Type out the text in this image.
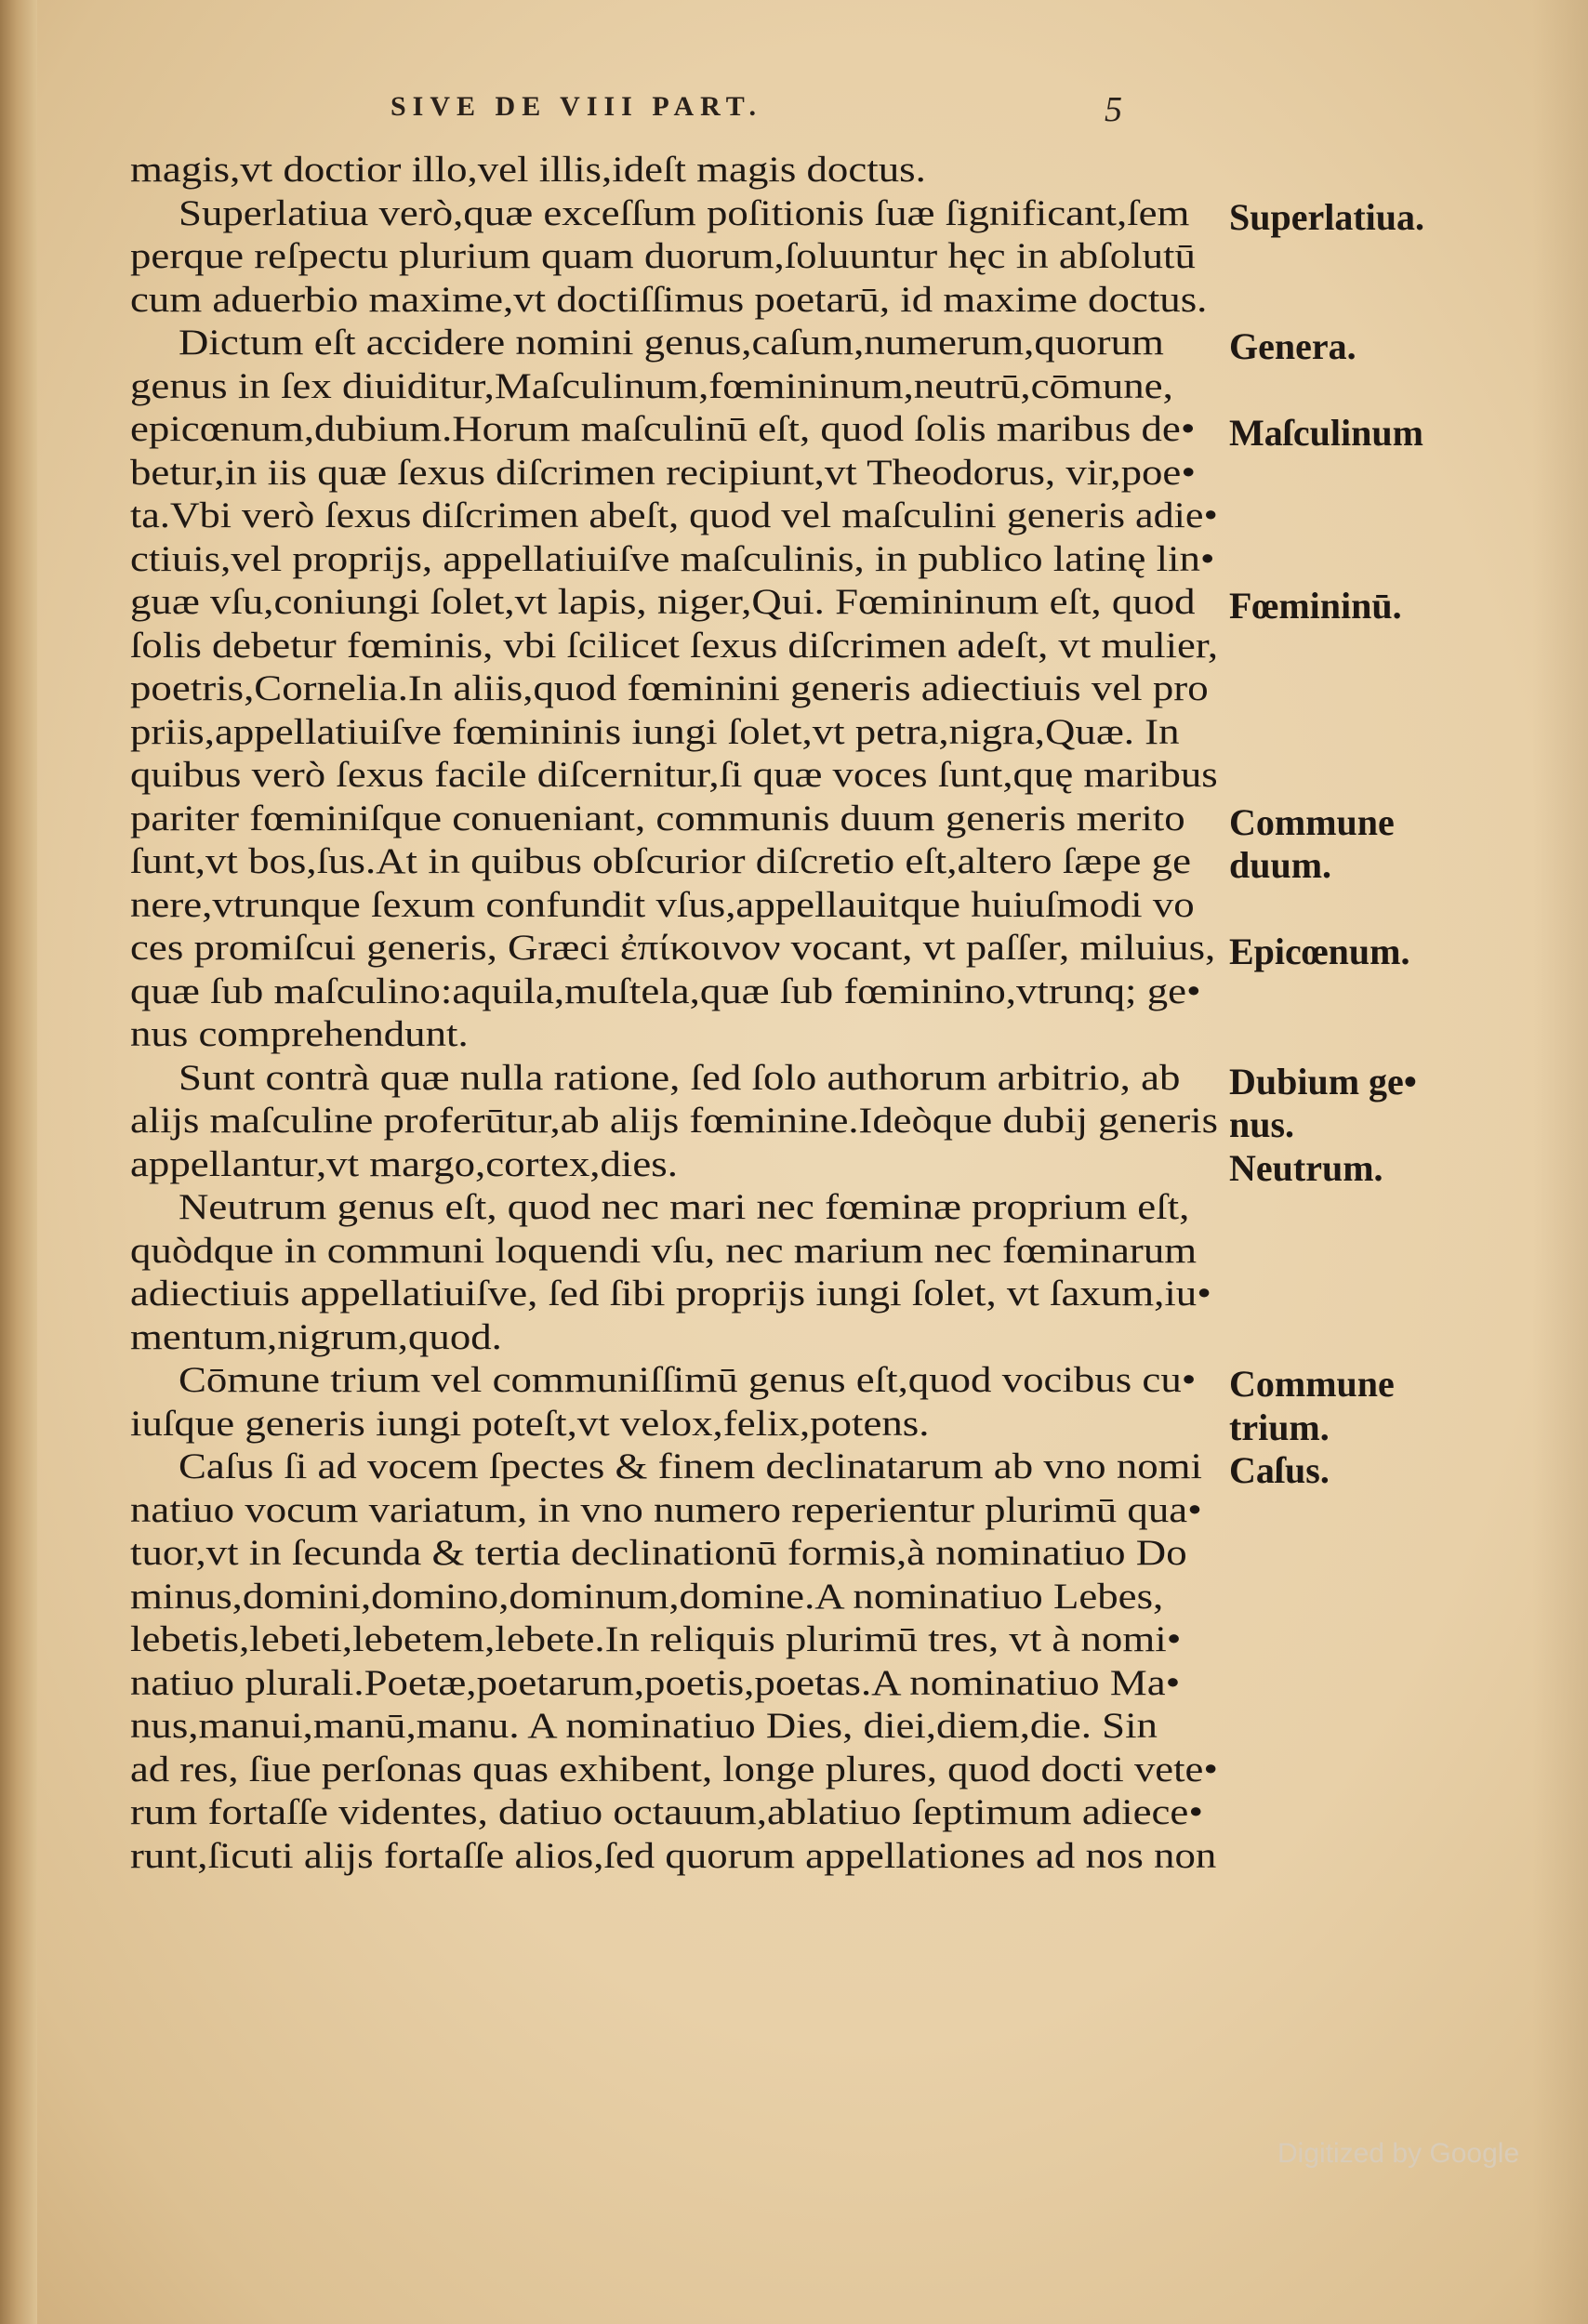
SIVE DE VIII PART.	5
magis,vt doctior illo,vel illis,ideſt magis doctus.
Superlatiua verò,quæ exceſſum poſitionis ſuæ ſignificant,ſem
perque reſpectu plurium quam duorum,ſoluuntur hęc in abſolutū
cum aduerbio maxime,vt doctiſſimus poetarū, id maxime doctus.
Dictum eſt accidere nomini genus,caſum,numerum,quorum
genus in ſex diuiditur,Maſculinum,fœmininum,neutrū,cōmune,
epicœnum,dubium.Horum maſculinū eſt, quod ſolis maribus de•
betur,in iis quæ ſexus diſcrimen recipiunt,vt Theodorus, vir,poe•
ta.Vbi verò ſexus diſcrimen abeſt, quod vel maſculini generis adie•
ctiuis,vel proprijs, appellatiuiſve maſculinis, in publico latinę lin•
guæ vſu,coniungi ſolet,vt lapis, niger,Qui. Fœmininum eſt, quod
ſolis debetur fœminis, vbi ſcilicet ſexus diſcrimen adeſt, vt mulier,
poetris,Cornelia.In aliis,quod fœminini generis adiectiuis vel pro
priis,appellatiuiſve fœmininis iungi ſolet,vt petra,nigra,Quæ. In
quibus verò ſexus facile diſcernitur,ſi quæ voces ſunt,quę maribus
pariter fœminiſque conueniant, communis duum generis merito
ſunt,vt bos,ſus.At in quibus obſcurior diſcretio eſt,altero ſæpe ge
nere,vtrunque ſexum confundit vſus,appellauitque huiuſmodi vo
ces promiſcui generis, Græci ἐπίκοινον vocant, vt paſſer, miluius,
quæ ſub maſculino:aquila,muſtela,quæ ſub fœminino,vtrunq; ge•
nus comprehendunt.
Sunt contrà quæ nulla ratione, ſed ſolo authorum arbitrio, ab
alijs maſculine proferūtur,ab alijs fœminine.Ideòque dubij generis
appellantur,vt margo,cortex,dies.
Neutrum genus eſt, quod nec mari nec fœminæ proprium eſt,
quòdque in communi loquendi vſu, nec marium nec fœminarum
adiectiuis appellatiuiſve, ſed ſibi proprijs iungi ſolet, vt ſaxum,iu•
mentum,nigrum,quod.
Cōmune trium vel communiſſimū genus eſt,quod vocibus cu•
iuſque generis iungi poteſt,vt velox,felix,potens.
Caſus ſi ad vocem ſpectes & finem declinatarum ab vno nomi
natiuo vocum variatum, in vno numero reperientur plurimū qua•
tuor,vt in ſecunda & tertia declinationū formis,à nominatiuo Do
minus,domini,domino,dominum,domine.A nominatiuo Lebes,
lebetis,lebeti,lebetem,lebete.In reliquis plurimū tres, vt à nomi•
natiuo plurali.Poetæ,poetarum,poetis,poetas.A nominatiuo Ma•
nus,manui,manū,manu. A nominatiuo Dies, diei,diem,die. Sin
ad res, ſiue perſonas quas exhibent, longe plures, quod docti vete•
rum fortaſſe videntes, datiuo octauum,ablatiuo ſeptimum adiece•
runt,ſicuti alijs fortaſſe alios,ſed quorum appellationes ad nos non
Superlatiua.
Genera.
Maſculinum
Fœmininū.
Commune
duum.
Epicœnum.
Dubium ge•
nus.
Neutrum.
Commune
trium.
Caſus.
Digitized by Google
